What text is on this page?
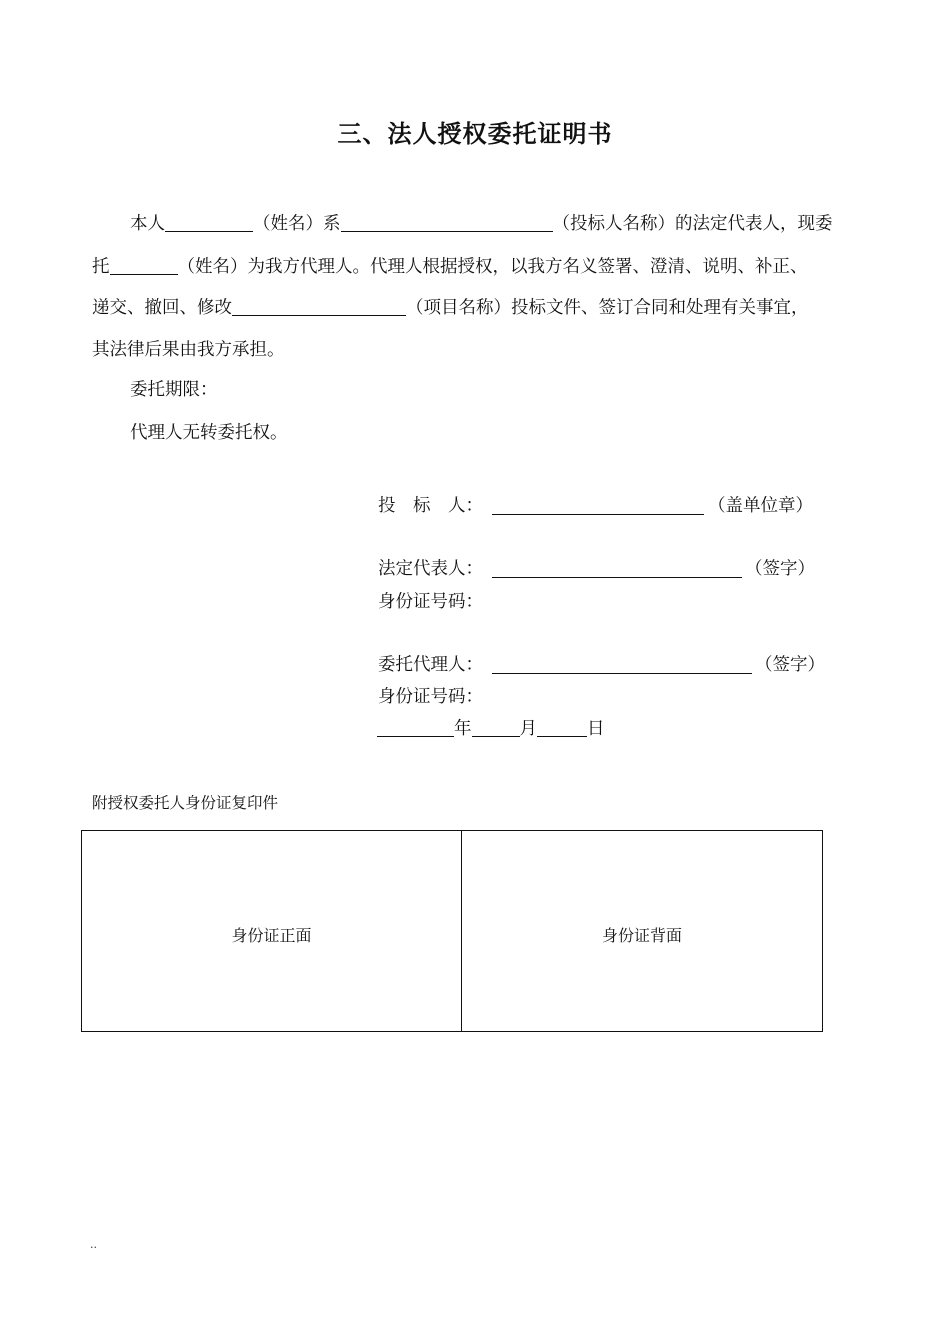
三、法人授权委托证明书
本人	（姓名）系	（投标人名称）的法定代表人，现委
托	（姓名）为我方代理人。代理人根据授权，以我方名义签署、澄清、说明、补正、
递交、撤回、修改	（项目名称）投标文件、签订合同和处理有关事宜，
其法律后果由我方承担。
委托期限：
代理人无转委托权。
投　标　人：	（盖单位章）
法定代表人：	（签字）
身份证号码：
委托代理人：	（签字）
身份证号码：
年	月	日
附授权委托人身份证复印件
身份证正面	身份证背面
..
